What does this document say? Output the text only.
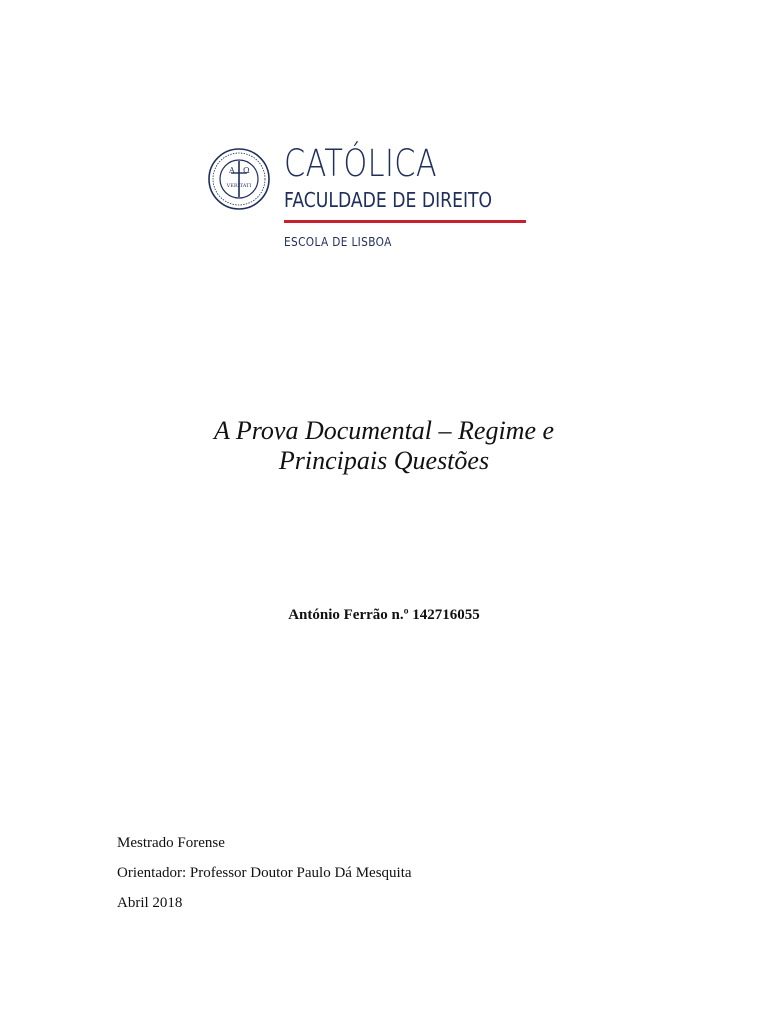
Α Ω
VERITATI
CATÓLICA
FACULDADE DE DIREITO
ESCOLA DE LISBOA
A Prova Documental – Regime e
Principais Questões
António Ferrão n.º 142716055
Mestrado Forense
Orientador: Professor Doutor Paulo Dá Mesquita
Abril 2018
